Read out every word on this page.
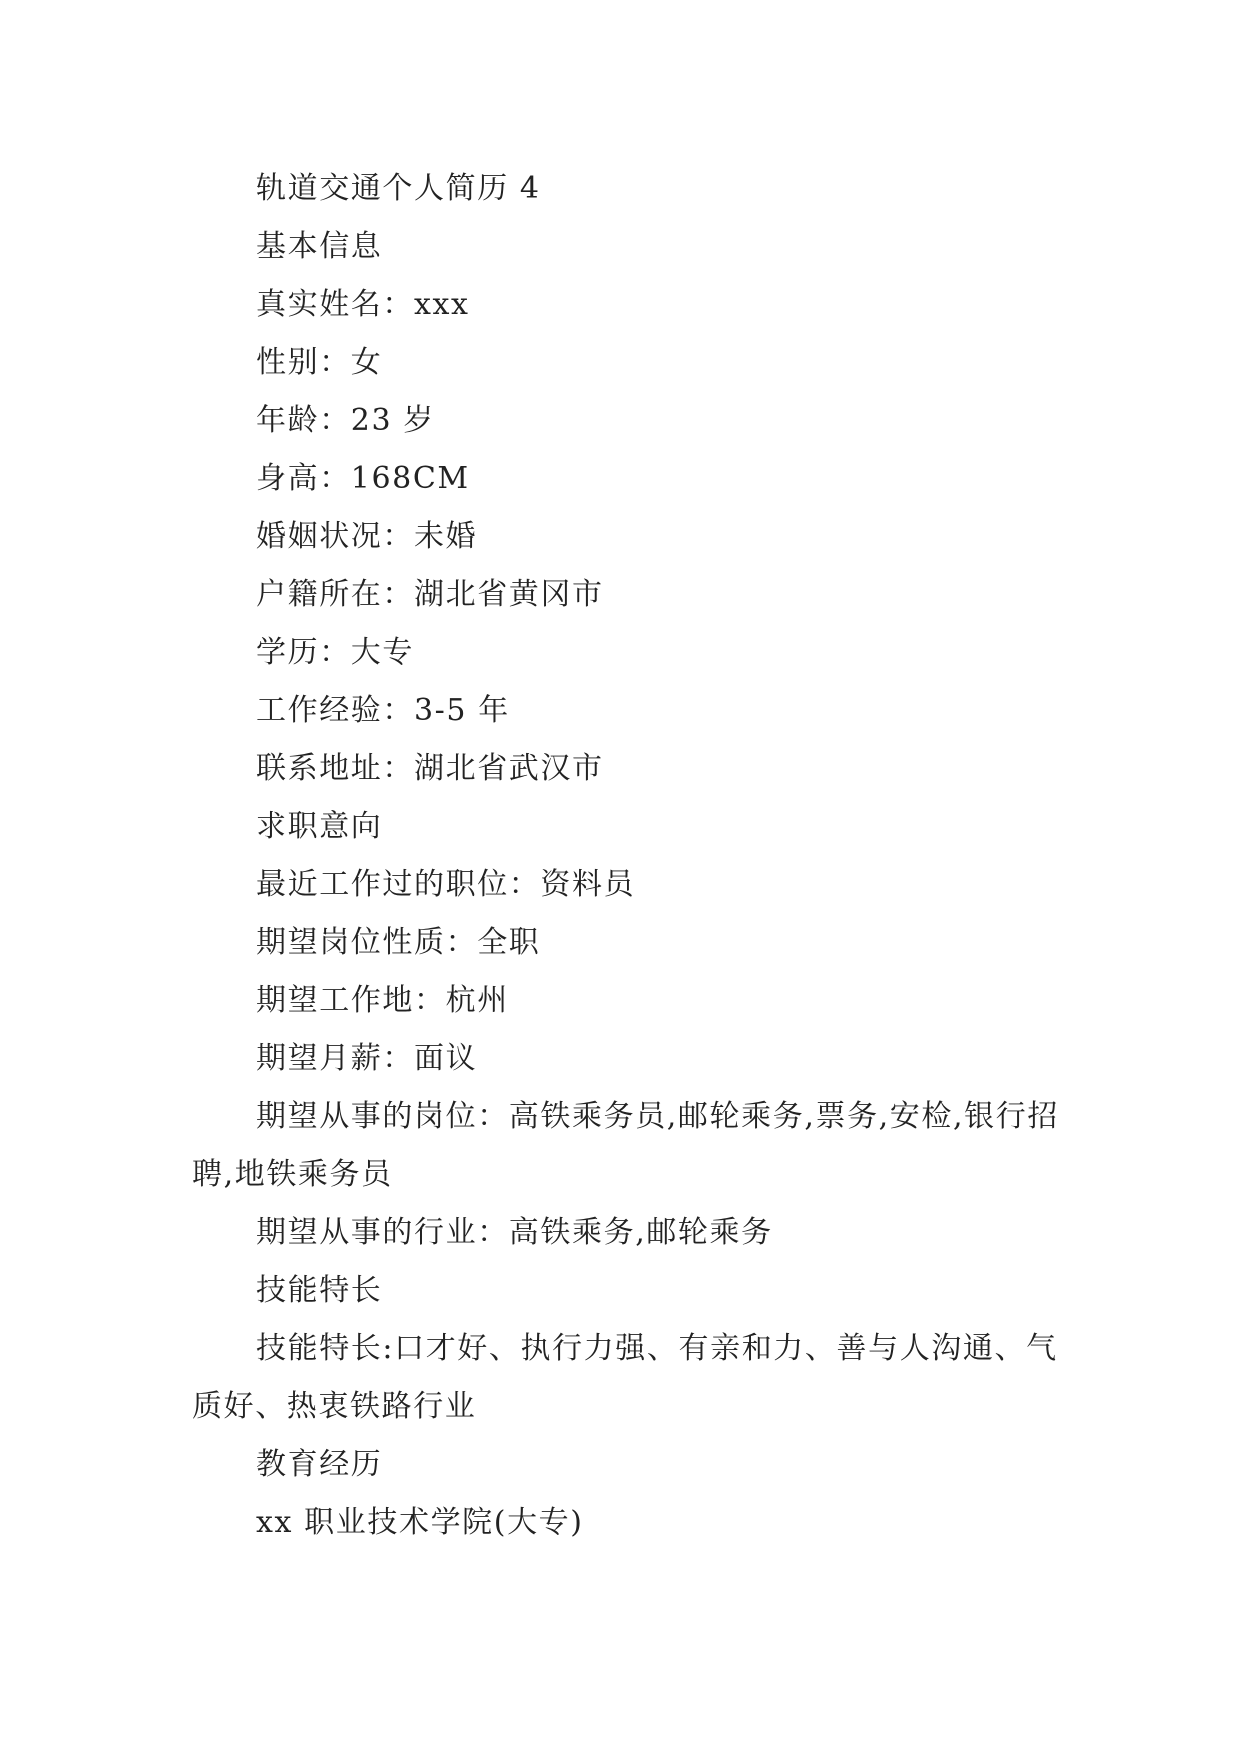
轨道交通个人简历 4

基本信息

真实姓名：xxx

性别：女

年龄：23 岁

身高：168CM

婚姻状况：未婚

户籍所在：湖北省黄冈市

学历：大专

工作经验：3-5 年

联系地址：湖北省武汉市

求职意向

最近工作过的职位：资料员

期望岗位性质：全职

期望工作地：杭州

期望月薪：面议

期望从事的岗位：高铁乘务员,邮轮乘务,票务,安检,银行招聘,地铁乘务员

期望从事的行业：高铁乘务,邮轮乘务

技能特长

技能特长:口才好、执行力强、有亲和力、善与人沟通、气质好、热衷铁路行业

教育经历

xx 职业技术学院(大专)
